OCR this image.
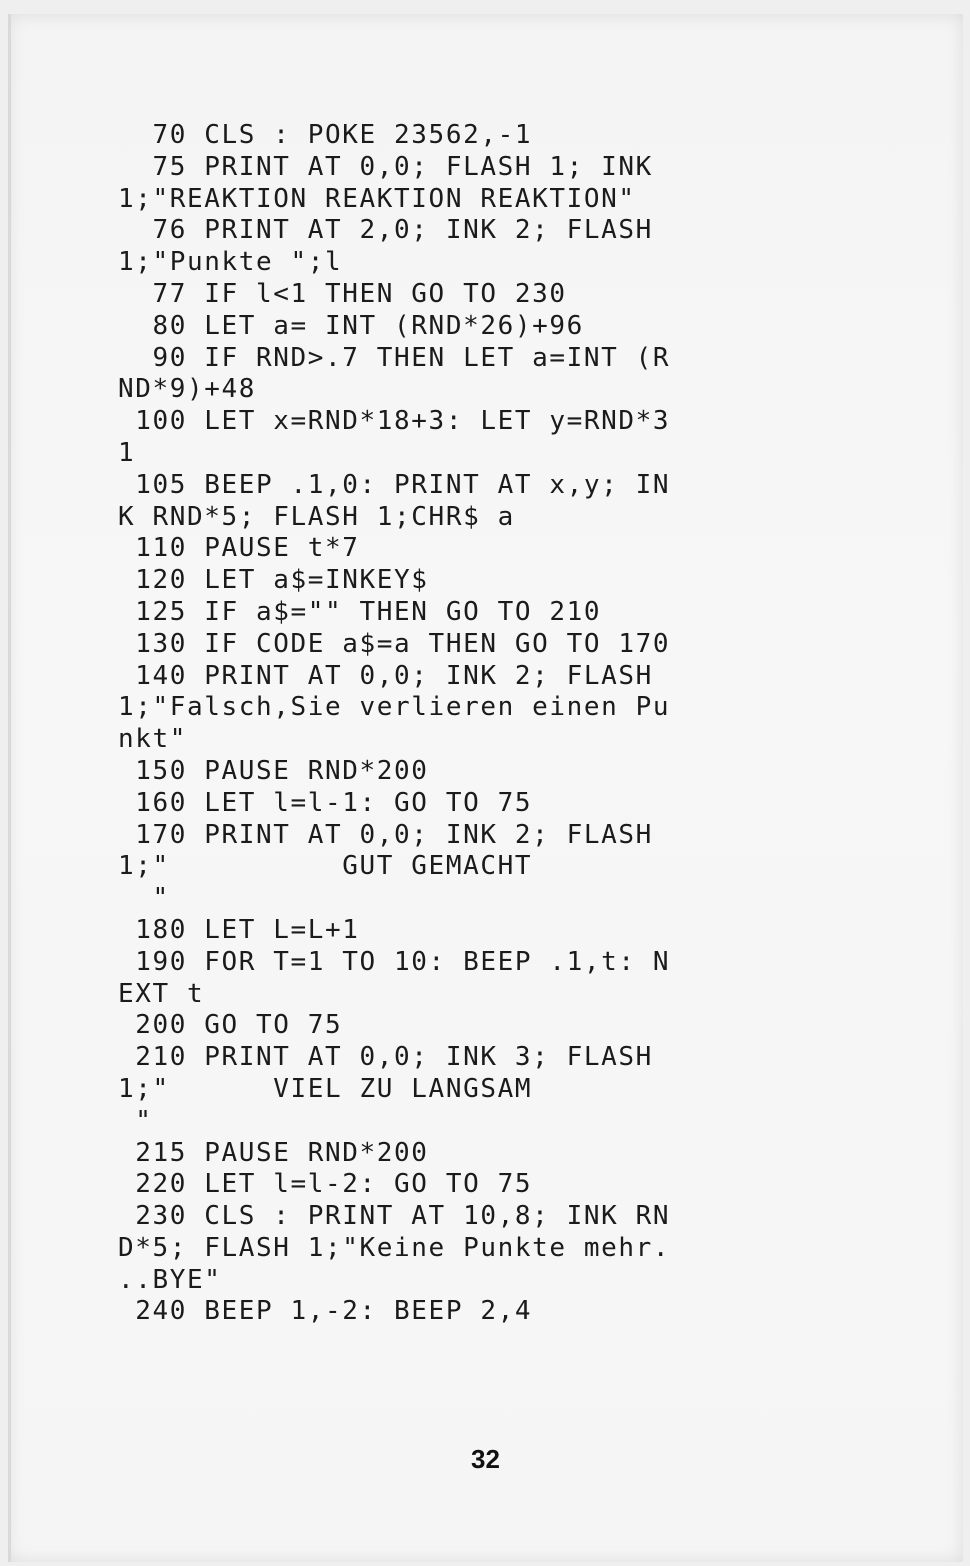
70 CLS : POKE 23562,-1
75 PRINT AT 0,0; FLASH 1; INK
1;"REAKTION REAKTION REAKTION"
76 PRINT AT 2,0; INK 2; FLASH
1;"Punkte ";l
77 IF l<1 THEN GO TO 230
80 LET a= INT (RND*26)+96
90 IF RND>.7 THEN LET a=INT (R
ND*9)+48
100 LET x=RND*18+3: LET y=RND*3
1
105 BEEP .1,0: PRINT AT x,y; IN
K RND*5; FLASH 1;CHR$ a
110 PAUSE t*7
120 LET a$=INKEY$
125 IF a$="" THEN GO TO 210
130 IF CODE a$=a THEN GO TO 170
140 PRINT AT 0,0; INK 2; FLASH
1;"Falsch,Sie verlieren einen Pu
nkt"
150 PAUSE RND*200
160 LET l=l-1: GO TO 75
170 PRINT AT 0,0; INK 2; FLASH
1;"          GUT GEMACHT
"
180 LET L=L+1
190 FOR T=1 TO 10: BEEP .1,t: N
EXT t
200 GO TO 75
210 PRINT AT 0,0; INK 3; FLASH
1;"      VIEL ZU LANGSAM
"
215 PAUSE RND*200
220 LET l=l-2: GO TO 75
230 CLS : PRINT AT 10,8; INK RN
D*5; FLASH 1;"Keine Punkte mehr.
..BYE"
240 BEEP 1,-2: BEEP 2,4
32
